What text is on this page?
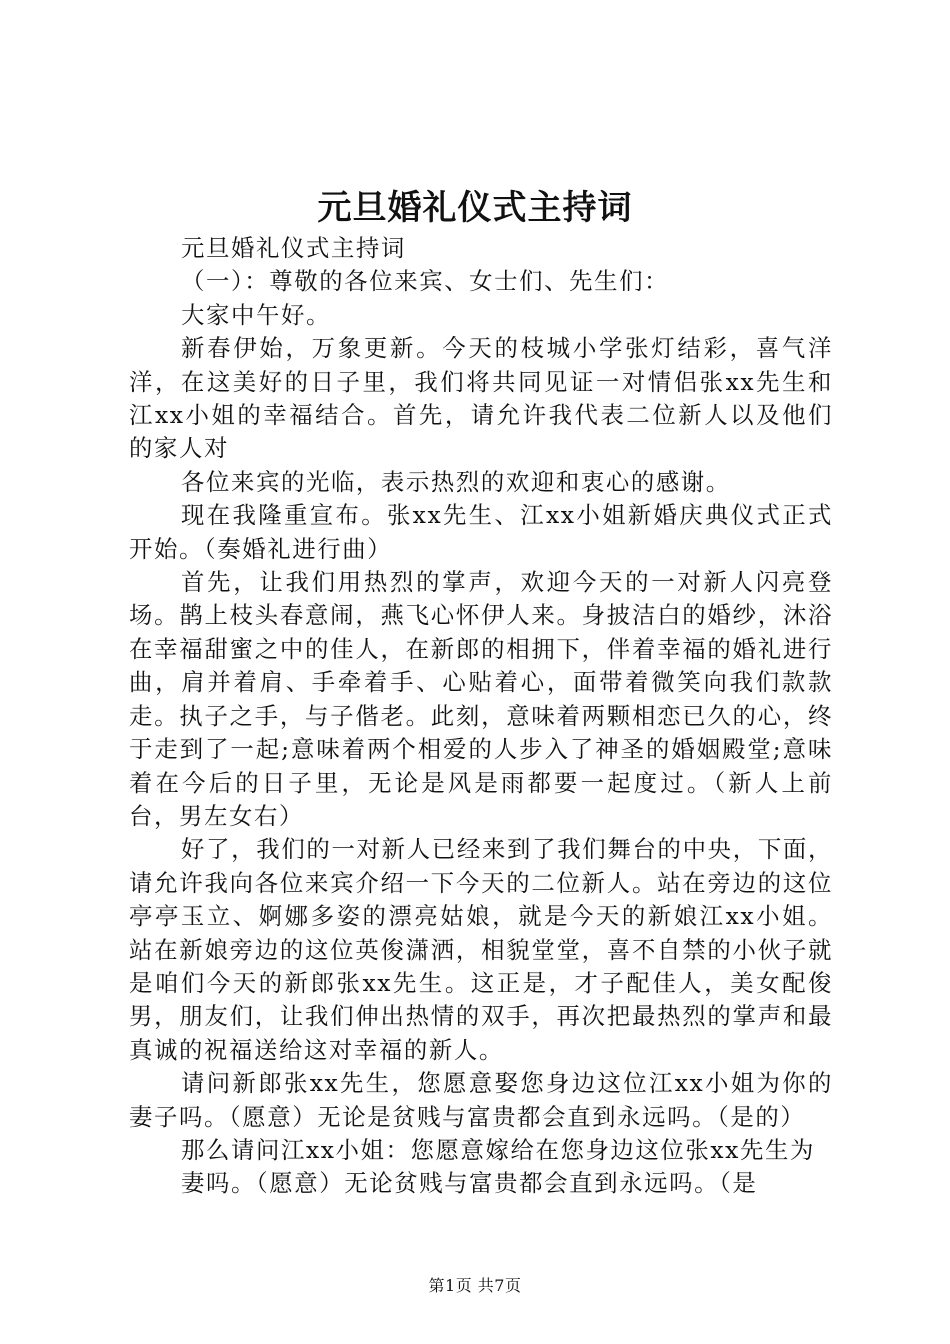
元旦婚礼仪式主持词

元旦婚礼仪式主持词

（一）：尊敬的各位来宾、女士们、先生们：

大家中午好。

新春伊始，万象更新。今天的枝城小学张灯结彩，喜气洋洋，在这美好的日子里，我们将共同见证一对情侣张xx先生和江xx小姐的幸福结合。首先，请允许我代表二位新人以及他们的家人对

各位来宾的光临，表示热烈的欢迎和衷心的感谢。

现在我隆重宣布。张xx先生、江xx小姐新婚庆典仪式正式开始。（奏婚礼进行曲）

首先，让我们用热烈的掌声，欢迎今天的一对新人闪亮登场。鹊上枝头春意闹，燕飞心怀伊人来。身披洁白的婚纱，沐浴在幸福甜蜜之中的佳人，在新郎的相拥下，伴着幸福的婚礼进行曲，肩并着肩、手牵着手、心贴着心，面带着微笑向我们款款走。执子之手，与子偕老。此刻，意味着两颗相恋已久的心，终于走到了一起;意味着两个相爱的人步入了神圣的婚姻殿堂;意味着在今后的日子里，无论是风是雨都要一起度过。（新人上前台，男左女右）

好了，我们的一对新人已经来到了我们舞台的中央，下面，请允许我向各位来宾介绍一下今天的二位新人。站在旁边的这位亭亭玉立、婀娜多姿的漂亮姑娘，就是今天的新娘江xx小姐。站在新娘旁边的这位英俊潇洒，相貌堂堂，喜不自禁的小伙子就是咱们今天的新郎张xx先生。这正是，才子配佳人，美女配俊男，朋友们，让我们伸出热情的双手，再次把最热烈的掌声和最真诚的祝福送给这对幸福的新人。

请问新郎张xx先生，您愿意娶您身边这位江xx小姐为你的妻子吗。（愿意）无论是贫贱与富贵都会直到永远吗。（是的）

那么请问江xx小姐：您愿意嫁给在您身边这位张xx先生为

妻吗。（愿意）无论贫贱与富贵都会直到永远吗。（是

第1页 共7页
